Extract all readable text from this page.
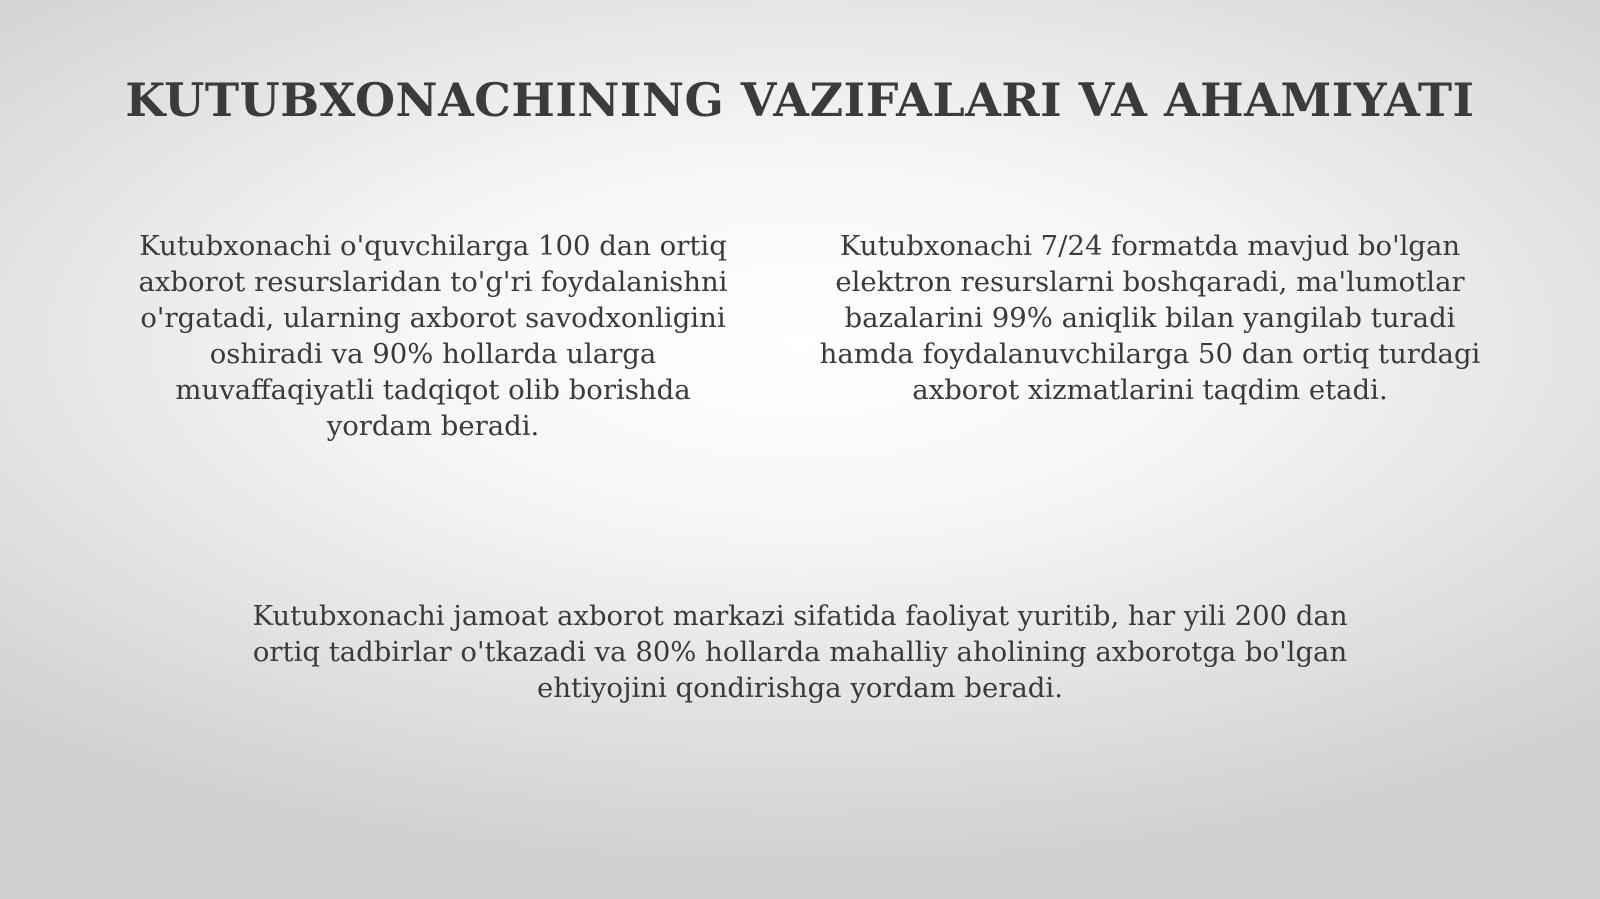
KUTUBXONACHINING VAZIFALARI VA AHAMIYATI

Kutubxonachi o'quvchilarga 100 dan ortiq axborot resurslaridan to'g'ri foydalanishni o'rgatadi, ularning axborot savodxonligini oshiradi va 90% hollarda ularga muvaffaqiyatli tadqiqot olib borishda yordam beradi.

Kutubxonachi 7/24 formatda mavjud bo'lgan elektron resurslarni boshqaradi, ma'lumotlar bazalarini 99% aniqlik bilan yangilab turadi hamda foydalanuvchilarga 50 dan ortiq turdagi axborot xizmatlarini taqdim etadi.

Kutubxonachi jamoat axborot markazi sifatida faoliyat yuritib, har yili 200 dan ortiq tadbirlar o'tkazadi va 80% hollarda mahalliy aholining axborotga bo'lgan ehtiyojini qondirishga yordam beradi.
